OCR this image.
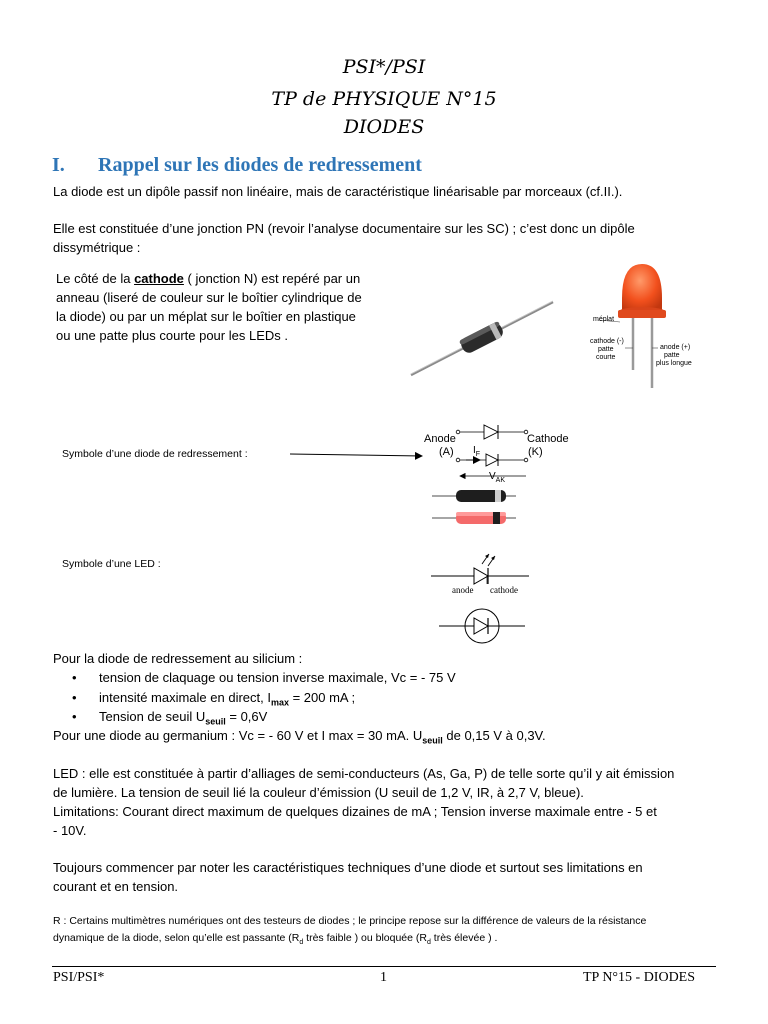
PSI*/PSI
TP de PHYSIQUE N°15
DIODES
I. Rappel sur les diodes de redressement
La diode est un dipôle passif non linéaire, mais de caractéristique linéarisable par morceaux (cf.II.).
Elle est constituée d’une jonction PN (revoir l’analyse documentaire sur les SC) ; c’est donc un dipôle
dissymétrique :
Le côté de la cathode ( jonction N) est repéré par un
anneau (liseré de couleur sur le boîtier cylindrique de
la diode) ou par un méplat sur le boîtier en plastique
ou une patte plus courte pour les LEDs .
méplat
cathode (-)
patte
courte
anode (+)
patte
plus longue
Symbole d’une diode de redressement :
Anode
(A)
Cathode
(K)
$I_F$
$V_{AK}$
Symbole d’une LED :
anode cathode
Pour la diode de redressement au silicium :
• tension de claquage ou tension inverse maximale, Vc = - 75 V
• intensité maximale en direct, $I_{max} = 200$ mA ;
• Tension de seuil $U_{seuil} = 0,6V$
Pour une diode au germanium : Vc = - 60 V et I max = 30 mA. $U_{seuil}$ de 0,15 V à 0,3V.
LED : elle est constituée à partir d’alliages de semi-conducteurs (As, Ga, P) de telle sorte qu’il y ait émission
de lumière. La tension de seuil lié la couleur d’émission (U seuil de 1,2 V, IR, à 2,7 V, bleue).
Limitations: Courant direct maximum de quelques dizaines de mA ; Tension inverse maximale entre - 5 et
- 10V.
Toujours commencer par noter les caractéristiques techniques d’une diode et surtout ses limitations en
courant et en tension.
R : Certains multimètres numériques ont des testeurs de diodes ; le principe repose sur la différence de valeurs de la résistance
dynamique de la diode, selon qu’elle est passante ($R_d$ très faible ) ou bloquée ($R_d$ très élevée ) .
PSI/PSI*	1	TP N°15 - DIODES
